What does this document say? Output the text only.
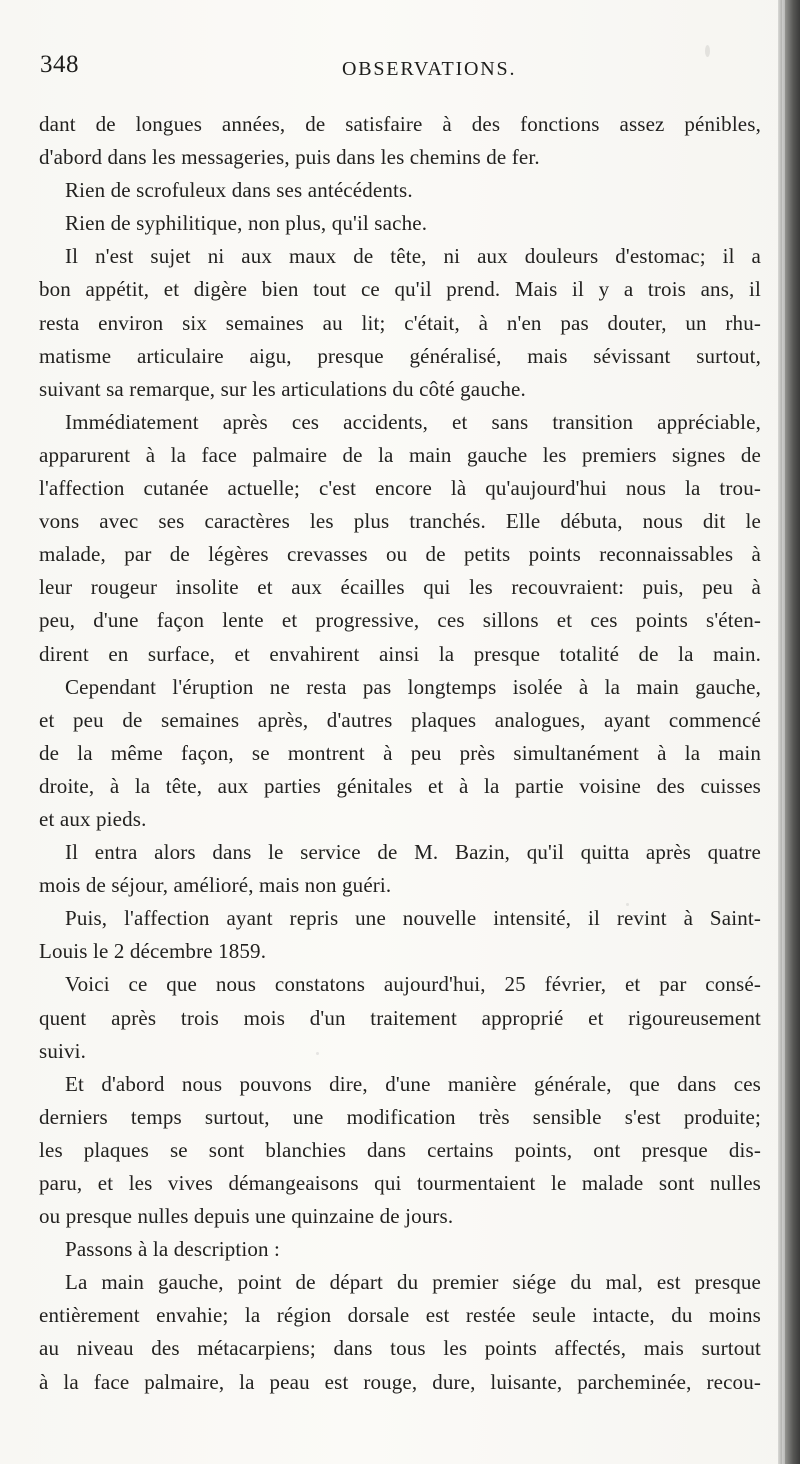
348	OBSERVATIONS.
dant de longues années, de satisfaire à des fonctions assez pénibles,
d'abord dans les messageries, puis dans les chemins de fer.
Rien de scrofuleux dans ses antécédents.
Rien de syphilitique, non plus, qu'il sache.
Il n'est sujet ni aux maux de tête, ni aux douleurs d'estomac; il a
bon appétit, et digère bien tout ce qu'il prend. Mais il y a trois ans, il
resta environ six semaines au lit; c'était, à n'en pas douter, un rhu-
matisme articulaire aigu, presque généralisé, mais sévissant surtout,
suivant sa remarque, sur les articulations du côté gauche.
Immédiatement après ces accidents, et sans transition appréciable,
apparurent à la face palmaire de la main gauche les premiers signes de
l'affection cutanée actuelle; c'est encore là qu'aujourd'hui nous la trou-
vons avec ses caractères les plus tranchés. Elle débuta, nous dit le
malade, par de légères crevasses ou de petits points reconnaissables à
leur rougeur insolite et aux écailles qui les recouvraient: puis, peu à
peu, d'une façon lente et progressive, ces sillons et ces points s'éten-
dirent en surface, et envahirent ainsi la presque totalité de la main.
Cependant l'éruption ne resta pas longtemps isolée à la main gauche,
et peu de semaines après, d'autres plaques analogues, ayant commencé
de la même façon, se montrent à peu près simultanément à la main
droite, à la tête, aux parties génitales et à la partie voisine des cuisses
et aux pieds.
Il entra alors dans le service de M. Bazin, qu'il quitta après quatre
mois de séjour, amélioré, mais non guéri.
Puis, l'affection ayant repris une nouvelle intensité, il revint à Saint-
Louis le 2 décembre 1859.
Voici ce que nous constatons aujourd'hui, 25 février, et par consé-
quent après trois mois d'un traitement approprié et rigoureusement
suivi.
Et d'abord nous pouvons dire, d'une manière générale, que dans ces
derniers temps surtout, une modification très sensible s'est produite;
les plaques se sont blanchies dans certains points, ont presque dis-
paru, et les vives démangeaisons qui tourmentaient le malade sont nulles
ou presque nulles depuis une quinzaine de jours.
Passons à la description :
La main gauche, point de départ du premier siége du mal, est presque
entièrement envahie; la région dorsale est restée seule intacte, du moins
au niveau des métacarpiens; dans tous les points affectés, mais surtout
à la face palmaire, la peau est rouge, dure, luisante, parcheminée, recou-
